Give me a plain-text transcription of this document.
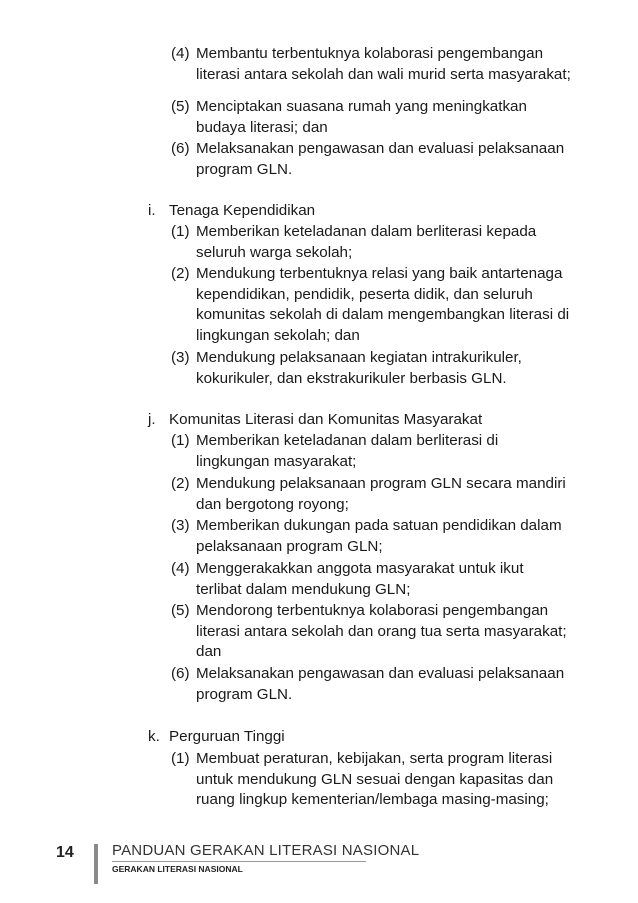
(4) Membantu terbentuknya kolaborasi pengembangan
literasi antara sekolah dan wali murid serta masyarakat;
(5) Menciptakan suasana rumah yang meningkatkan
budaya literasi; dan
(6) Melaksanakan pengawasan dan evaluasi pelaksanaan
program GLN.
i. Tenaga Kependidikan
(1) Memberikan keteladanan dalam berliterasi kepada
seluruh warga sekolah;
(2) Mendukung terbentuknya relasi yang baik antartenaga
kependidikan, pendidik, peserta didik, dan seluruh
komunitas sekolah di dalam mengembangkan literasi di
lingkungan sekolah; dan
(3) Mendukung pelaksanaan kegiatan intrakurikuler,
kokurikuler, dan ekstrakurikuler berbasis GLN.
j. Komunitas Literasi dan Komunitas Masyarakat
(1) Memberikan keteladanan dalam berliterasi di
lingkungan masyarakat;
(2) Mendukung pelaksanaan program GLN secara mandiri
dan bergotong royong;
(3) Memberikan dukungan pada satuan pendidikan dalam
pelaksanaan program GLN;
(4) Menggerakakkan anggota masyarakat untuk ikut
terlibat dalam mendukung GLN;
(5) Mendorong terbentuknya kolaborasi pengembangan
literasi antara sekolah dan orang tua serta masyarakat;
dan
(6) Melaksanakan pengawasan dan evaluasi pelaksanaan
program GLN.
k. Perguruan Tinggi
(1) Membuat peraturan, kebijakan, serta program literasi
untuk mendukung GLN sesuai dengan kapasitas dan
ruang lingkup kementerian/lembaga masing-masing;
14	PANDUAN GERAKAN LITERASI NASIONAL
GERAKAN LITERASI NASIONAL
